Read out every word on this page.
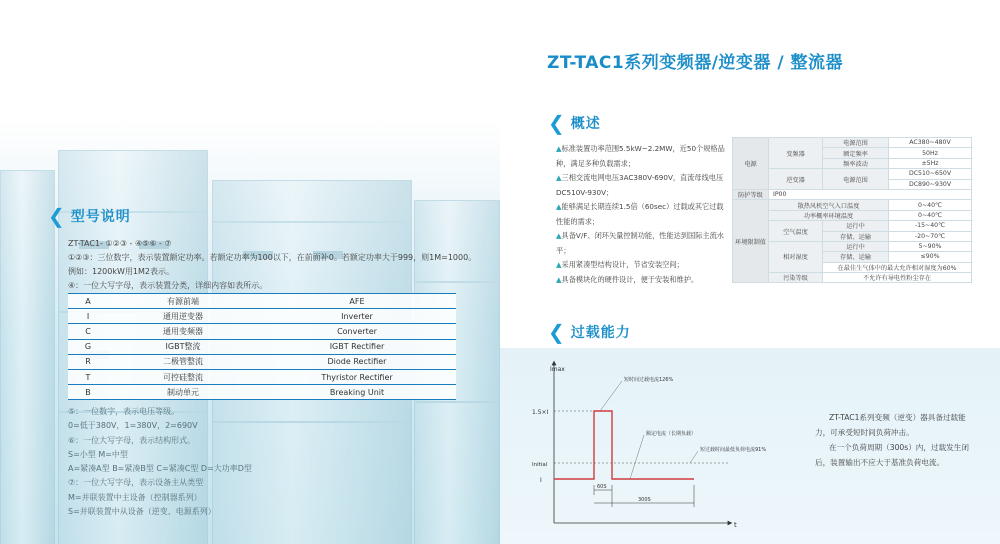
❮ 型号说明
ZT-TAC1- ①②③ - ④⑤⑥ - ⑦
①②③：三位数字，表示装置额定功率。若额定功率为100以下，在前面补0。若额定功率大于999，则1M=1000。
例如：1200kW用1M2表示。
④：一位大写字母，表示装置分类，详细内容如表所示。
A	有源前端	AFE
I	通用逆变器	Inverter
C	通用变频器	Converter
G	IGBT整流	IGBT Rectifier
R	二极管整流	Diode Rectifier
T	可控硅整流	Thyristor Rectifier
B	制动单元	Breaking Unit
⑤：一位数字，表示电压等级。
0=低于380V，1=380V，2=690V
⑥：一位大写字母，表示结构形式。
S=小型 M=中型
A=紧凑A型 B=紧凑B型 C=紧凑C型 D=大功率D型
⑦：一位大写字母，表示设备主从类型
M=并联装置中主设备（控制器系列）
S=并联装置中从设备（逆变、电源系列）
ZT-TAC1系列变频器/逆变器 / 整流器
❮ 概述

▲标准装置功率范围5.5kW~2.2MW，近50个规格品种，满足多种负载需求；

▲三相交流电网电压3AC380V-690V，直流母线电压DC510V-930V；

▲能够满足长期连续1.5倍（60sec）过载或其它过载性能的需求；

▲具备V/F、闭环矢量控制功能，性能达到国际主流水平；

▲采用紧凑型结构设计，节省安装空间；

▲具备模块化的硬件设计，便于安装和维护。

电源	变频器	电源范围	AC380~480V
		额定频率	50Hz
		频率波动	±5Hz
	逆变器	电源范围	DC510~650V
			DC890~930V
防护等级	IP00		
环境限制值	散热风机空气入口温度		0~40℃
	功率概率环境温度		0~40℃
	空气温度	运行中	-15~40℃
		存储、运输	-20~70℃
	相对湿度	运行中	5~90%
		存储、运输	≤90%
		在最佳生气体中的最大允许相对湿度为60%	
	污染等级	不允许有导电性粉尘存在	
❮ 过载能力
Imax
1.5×I
Initial
I
t
短时间过载电流126%
额定电流（长期负载）
短过载时间最低负荷电流91%
60S
300S

ZT-TAC1系列变频（逆变）器具备过载能力，可承受短时间负荷冲击。

在一个负荷周期（300s）内，过载发生闭后，装置输出不应大于基准负荷电流。
